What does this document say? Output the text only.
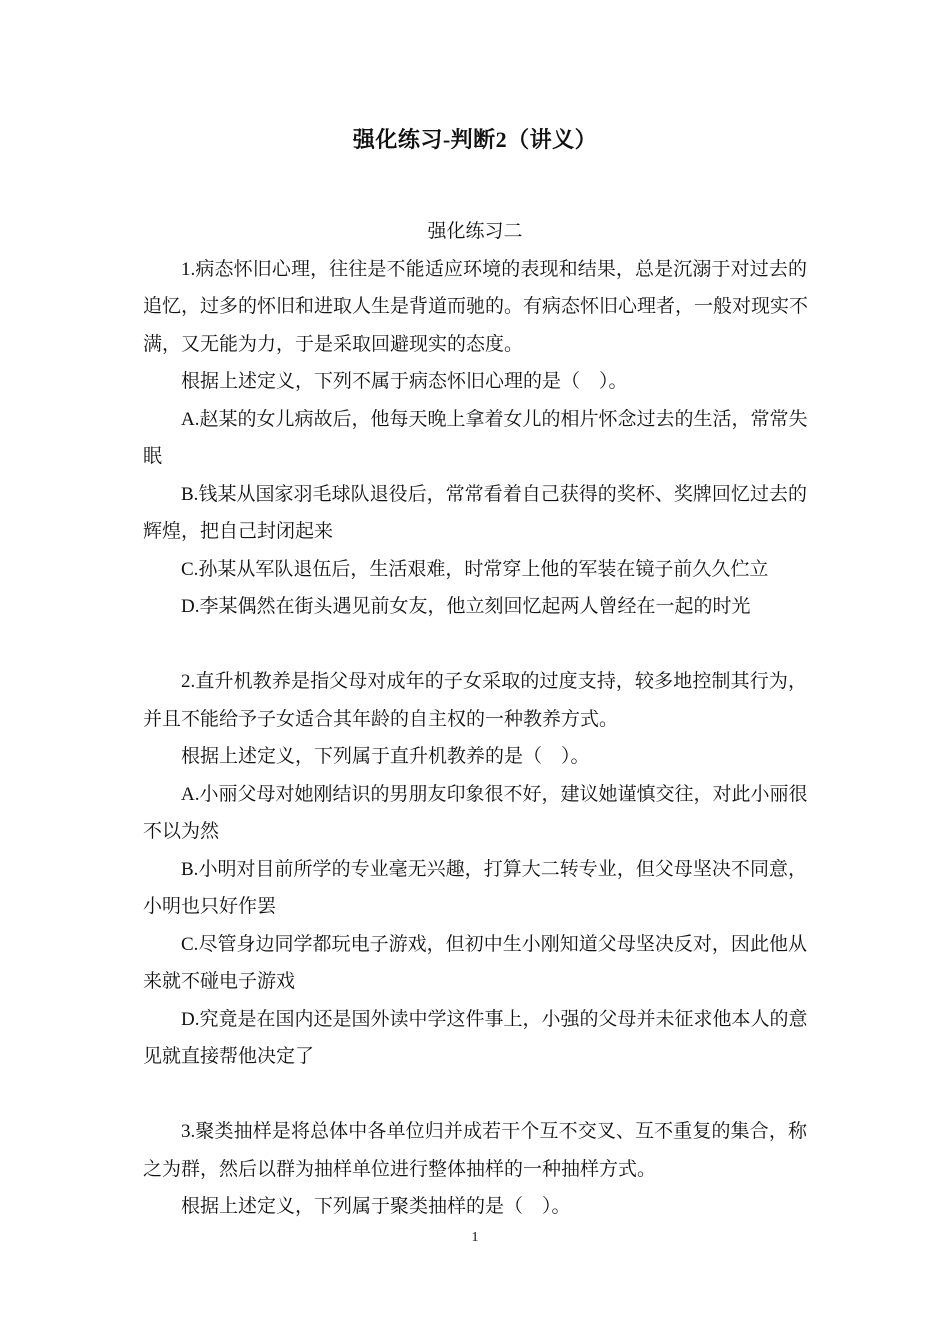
强化练习-判断2（讲义）
强化练习二
1.病态怀旧心理，往往是不能适应环境的表现和结果，总是沉溺于对过去的
追忆，过多的怀旧和进取人生是背道而驰的。有病态怀旧心理者，一般对现实不
满，又无能为力，于是采取回避现实的态度。
根据上述定义，下列不属于病态怀旧心理的是（　）。
A.赵某的女儿病故后，他每天晚上拿着女儿的相片怀念过去的生活，常常失
眠
B.钱某从国家羽毛球队退役后，常常看着自己获得的奖杯、奖牌回忆过去的
辉煌，把自己封闭起来
C.孙某从军队退伍后，生活艰难，时常穿上他的军装在镜子前久久伫立
D.李某偶然在街头遇见前女友，他立刻回忆起两人曾经在一起的时光
2.直升机教养是指父母对成年的子女采取的过度支持，较多地控制其行为，
并且不能给予子女适合其年龄的自主权的一种教养方式。
根据上述定义，下列属于直升机教养的是（　）。
A.小丽父母对她刚结识的男朋友印象很不好，建议她谨慎交往，对此小丽很
不以为然
B.小明对目前所学的专业毫无兴趣，打算大二转专业，但父母坚决不同意，
小明也只好作罢
C.尽管身边同学都玩电子游戏，但初中生小刚知道父母坚决反对，因此他从
来就不碰电子游戏
D.究竟是在国内还是国外读中学这件事上，小强的父母并未征求他本人的意
见就直接帮他决定了
3.聚类抽样是将总体中各单位归并成若干个互不交叉、互不重复的集合，称
之为群，然后以群为抽样单位进行整体抽样的一种抽样方式。
根据上述定义，下列属于聚类抽样的是（　）。
1
